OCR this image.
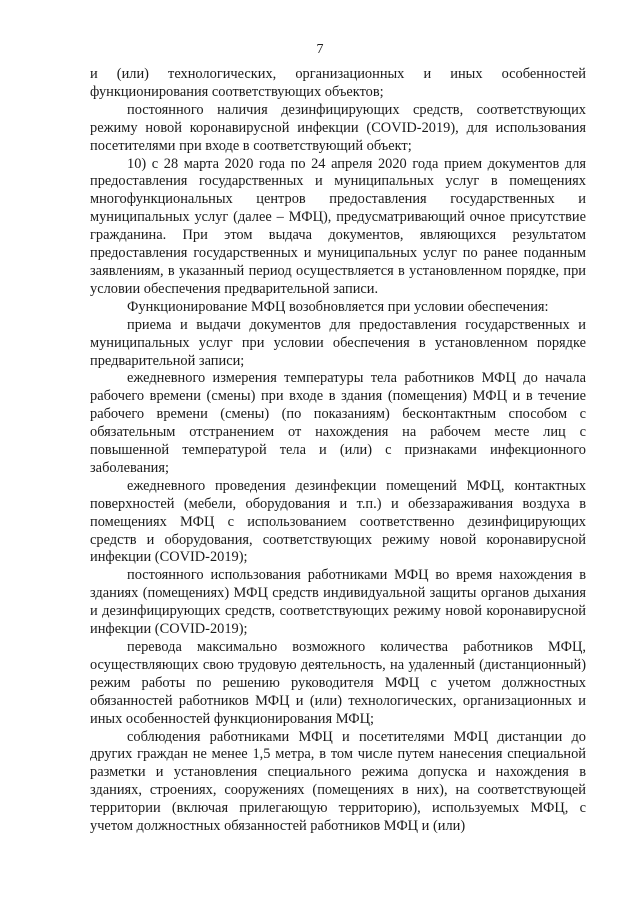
7

и (или) технологических, организационных и иных особенностей функционирования соответствующих объектов;

постоянного наличия дезинфицирующих средств, соответствующих режиму новой коронавирусной инфекции (COVID-2019), для использования посетителями при входе в соответствующий объект;

10) с 28 марта 2020 года по 24 апреля 2020 года прием документов для предоставления государственных и муниципальных услуг в помещениях многофункциональных центров предоставления государственных и муниципальных услуг (далее – МФЦ), предусматривающий очное присутствие гражданина. При этом выдача документов, являющихся результатом предоставления государственных и муниципальных услуг по ранее поданным заявлениям, в указанный период осуществляется в установленном порядке, при условии обеспечения предварительной записи.

Функционирование МФЦ возобновляется при условии обеспечения:

приема и выдачи документов для предоставления государственных и муниципальных услуг при условии обеспечения в установленном порядке предварительной записи;

ежедневного измерения температуры тела работников МФЦ до начала рабочего времени (смены) при входе в здания (помещения) МФЦ и в течение рабочего времени (смены) (по показаниям) бесконтактным способом с обязательным отстранением от нахождения на рабочем месте лиц с повышенной температурой тела и (или) с признаками инфекционного заболевания;

ежедневного проведения дезинфекции помещений МФЦ, контактных поверхностей (мебели, оборудования и т.п.) и обеззараживания воздуха в помещениях МФЦ с использованием соответственно дезинфицирующих средств и оборудования, соответствующих режиму новой коронавирусной инфекции (COVID-2019);

постоянного использования работниками МФЦ во время нахождения в зданиях (помещениях) МФЦ средств индивидуальной защиты органов дыхания и дезинфицирующих средств, соответствующих режиму новой коронавирусной инфекции (COVID-2019);

перевода максимально возможного количества работников МФЦ, осуществляющих свою трудовую деятельность, на удаленный (дистанционный) режим работы по решению руководителя МФЦ с учетом должностных обязанностей работников МФЦ и (или) технологических, организационных и иных особенностей функционирования МФЦ;

соблюдения работниками МФЦ и посетителями МФЦ дистанции до других граждан не менее 1,5 метра, в том числе путем нанесения специальной разметки и установления специального режима допуска и нахождения в зданиях, строениях, сооружениях (помещениях в них), на соответствующей территории (включая прилегающую территорию), используемых МФЦ, с учетом должностных обязанностей работников МФЦ и (или)
